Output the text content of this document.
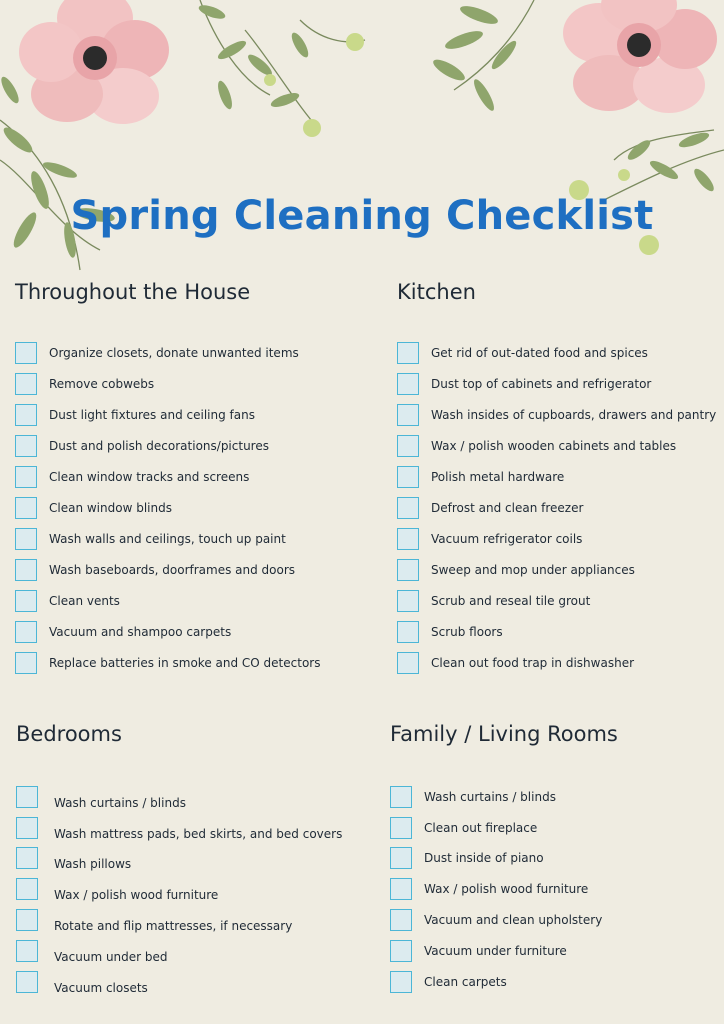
Spring Cleaning Checklist
Throughout the House
Organize closets, donate unwanted items
Remove cobwebs
Dust light fixtures and ceiling fans
Dust and polish decorations/pictures
Clean window tracks and screens
Clean window blinds
Wash walls and ceilings, touch up paint
Wash baseboards, doorframes and doors
Clean vents
Vacuum and shampoo carpets
Replace batteries in smoke and CO detectors
Kitchen
Get rid of out-dated food and spices
Dust top of cabinets and refrigerator
Wash insides of cupboards, drawers and pantry
Wax / polish wooden cabinets and tables
Polish metal hardware
Defrost and clean freezer
Vacuum refrigerator coils
Sweep and mop under appliances
Scrub and reseal tile grout
Scrub floors
Clean out food trap in dishwasher
Bedrooms
Wash curtains / blinds
Wash mattress pads, bed skirts, and bed covers
Wash pillows
Wax / polish wood furniture
Rotate and flip mattresses, if necessary
Vacuum under bed
Vacuum closets
Family / Living Rooms
Wash curtains / blinds
Clean out fireplace
Dust inside of piano
Wax / polish wood furniture
Vacuum and clean upholstery
Vacuum under furniture
Clean carpets
